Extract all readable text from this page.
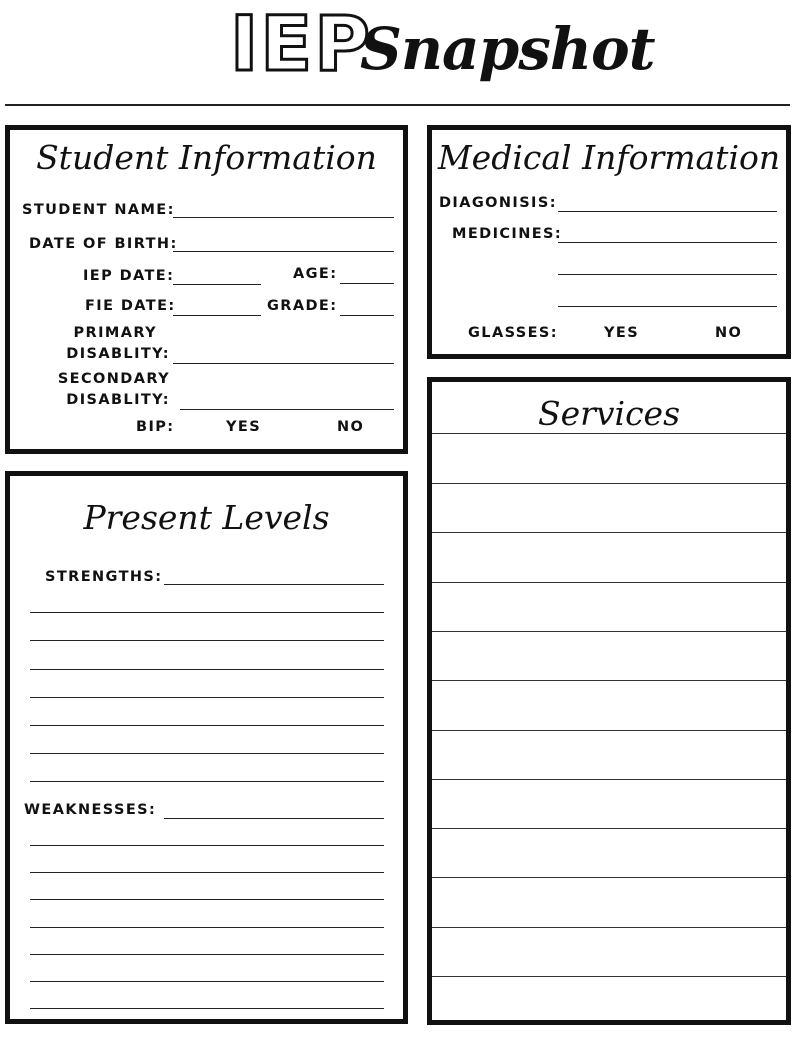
IEP
Snapshot
Student Information
STUDENT NAME:
DATE OF BIRTH:
IEP DATE:	AGE:
FIE DATE:	GRADE:
PRIMARY
DISABLITY:
SECONDARY
DISABLITY:
BIP:	YES	NO
Medical Information
DIAGONISIS:
MEDICINES:
GLASSES:	YES	NO
Present Levels
STRENGTHS:
WEAKNESSES:
Services
